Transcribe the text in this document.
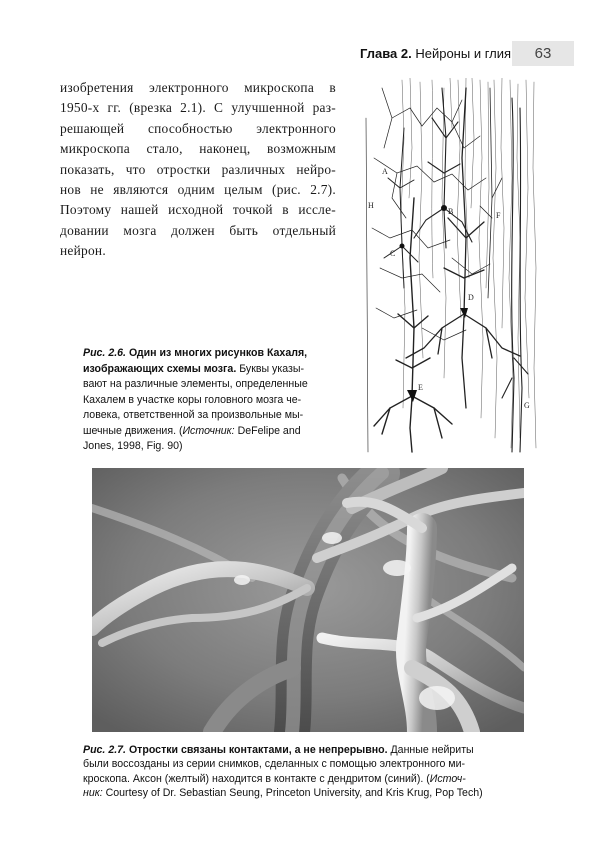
Глава 2. Нейроны и глия	63
изобретения электронного микроскопа в
1950-х гг. (врезка 2.1). С улучшенной раз-
решающей способностью электронного
микроскопа стало, наконец, возможным
показать, что отростки различных нейро-
нов не являются одним целым (рис. 2.7).
Поэтому нашей исходной точкой в иссле-
довании мозга должен быть отдельный
нейрон.
A
B
C
D
E
F
G
H
Рис. 2.6. Один из многих рисунков Кахаля,
изображающих схемы мозга. Буквы указы-
вают на различные элементы, определенные
Кахалем в участке коры головного мозга че-
ловека, ответственной за произвольные мы-
шечные движения. (Источник: DeFelipe and
Jones, 1998, Fig. 90)
Рис. 2.7. Отростки связаны контактами, а не непрерывно. Данные нейриты
были воссозданы из серии снимков, сделанных с помощью электронного ми-
кроскопа. Аксон (желтый) находится в контакте с дендритом (синий). (Источ-
ник: Courtesy of Dr. Sebastian Seung, Princeton University, and Kris Krug, Pop Tech)
